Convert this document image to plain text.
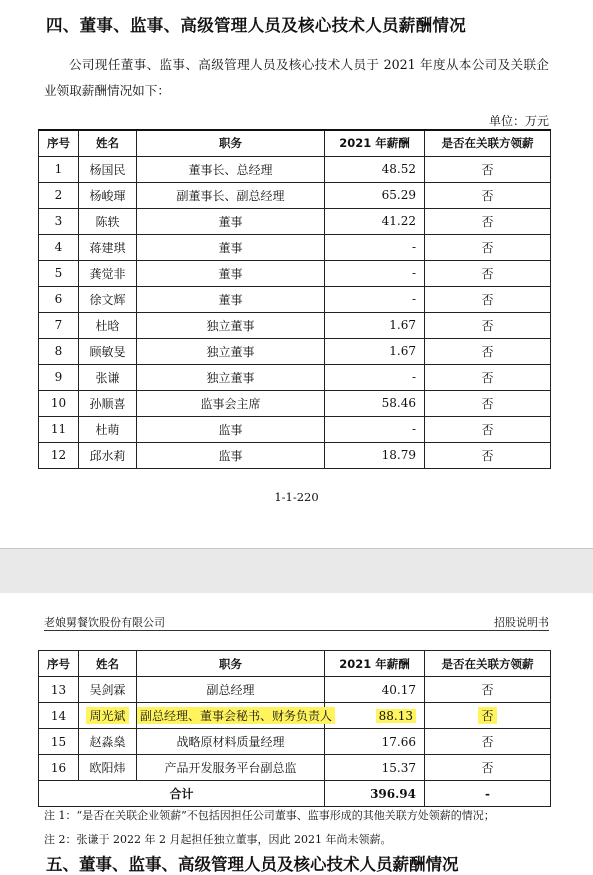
四、董事、监事、高级管理人员及核心技术人员薪酬情况
公司现任董事、监事、高级管理人员及核心技术人员于 2021 年度从本公司及关联企业领取薪酬情况如下：
单位：万元
序号	姓名	职务	2021 年薪酬	是否在关联方领薪
1	杨国民	董事长、总经理	48.52	否
2	杨峻琿	副董事长、副总经理	65.29	否
3	陈轶	董事	41.22	否
4	蒋建琪	董事	-	否
5	龚觉非	董事	-	否
6	徐文辉	董事	-	否
7	杜晗	独立董事	1.67	否
8	顾敏旻	独立董事	1.67	否
9	张谦	独立董事	-	否
10	孙顺喜	监事会主席	58.46	否
11	杜萌	监事	-	否
12	邱水莉	监事	18.79	否
1-1-220
老娘舅餐饮股份有限公司	招股说明书
序号	姓名	职务	2021 年薪酬	是否在关联方领薪
13	吴剑霖	副总经理	40.17	否
14	周光斌	副总经理、董事会秘书、财务负责人	88.13	否
15	赵淼燊	战略原材料质量经理	17.66	否
16	欧阳炜	产品开发服务平台副总监	15.37	否
合计			396.94	-
注 1：“是否在关联企业领薪”不包括因担任公司董事、监事形成的其他关联方处领薪的情况；
注 2：张谦于 2022 年 2 月起担任独立董事，因此 2021 年尚未领薪。
五、董事、监事、高级管理人员及核心技术人员薪酬情况
